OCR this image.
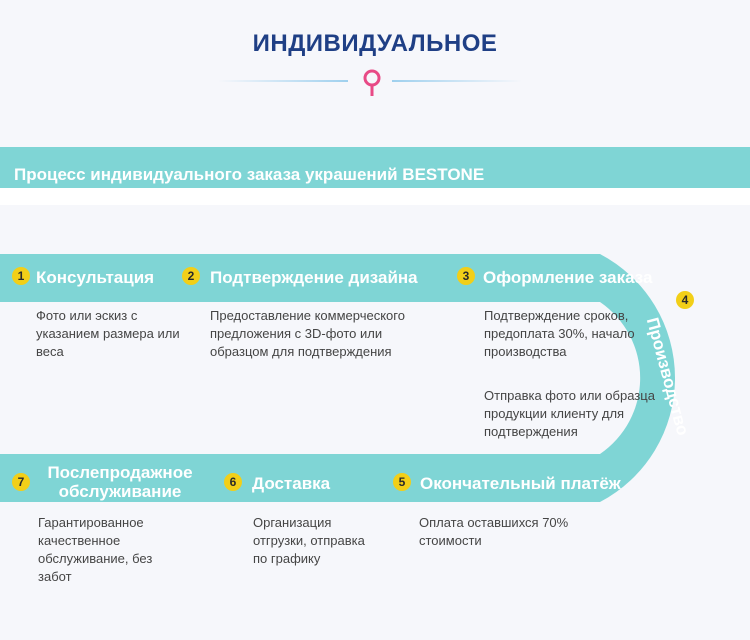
ИНДИВИДУАЛЬНОЕ
Процесс индивидуального заказа украшений BESTONE
1 Консультация
Фото или эскиз с
указанием размера или
веса
2 Подтверждение дизайна
Предоставление коммерческого
предложения с 3D-фото или
образцом для подтверждения
3 Оформление заказа
Подтверждение сроков,
предоплата 30%, начало
производства
4
Производство
Отправка фото или образца
продукции клиенту для
подтверждения
5 Окончательный платёж
Оплата оставшихся 70%
стоимости
6 Доставка
Организация
отгрузки, отправка
по графику
7	Послепродажное
обслуживание
Гарантированное
качественное
обслуживание, без
забот
